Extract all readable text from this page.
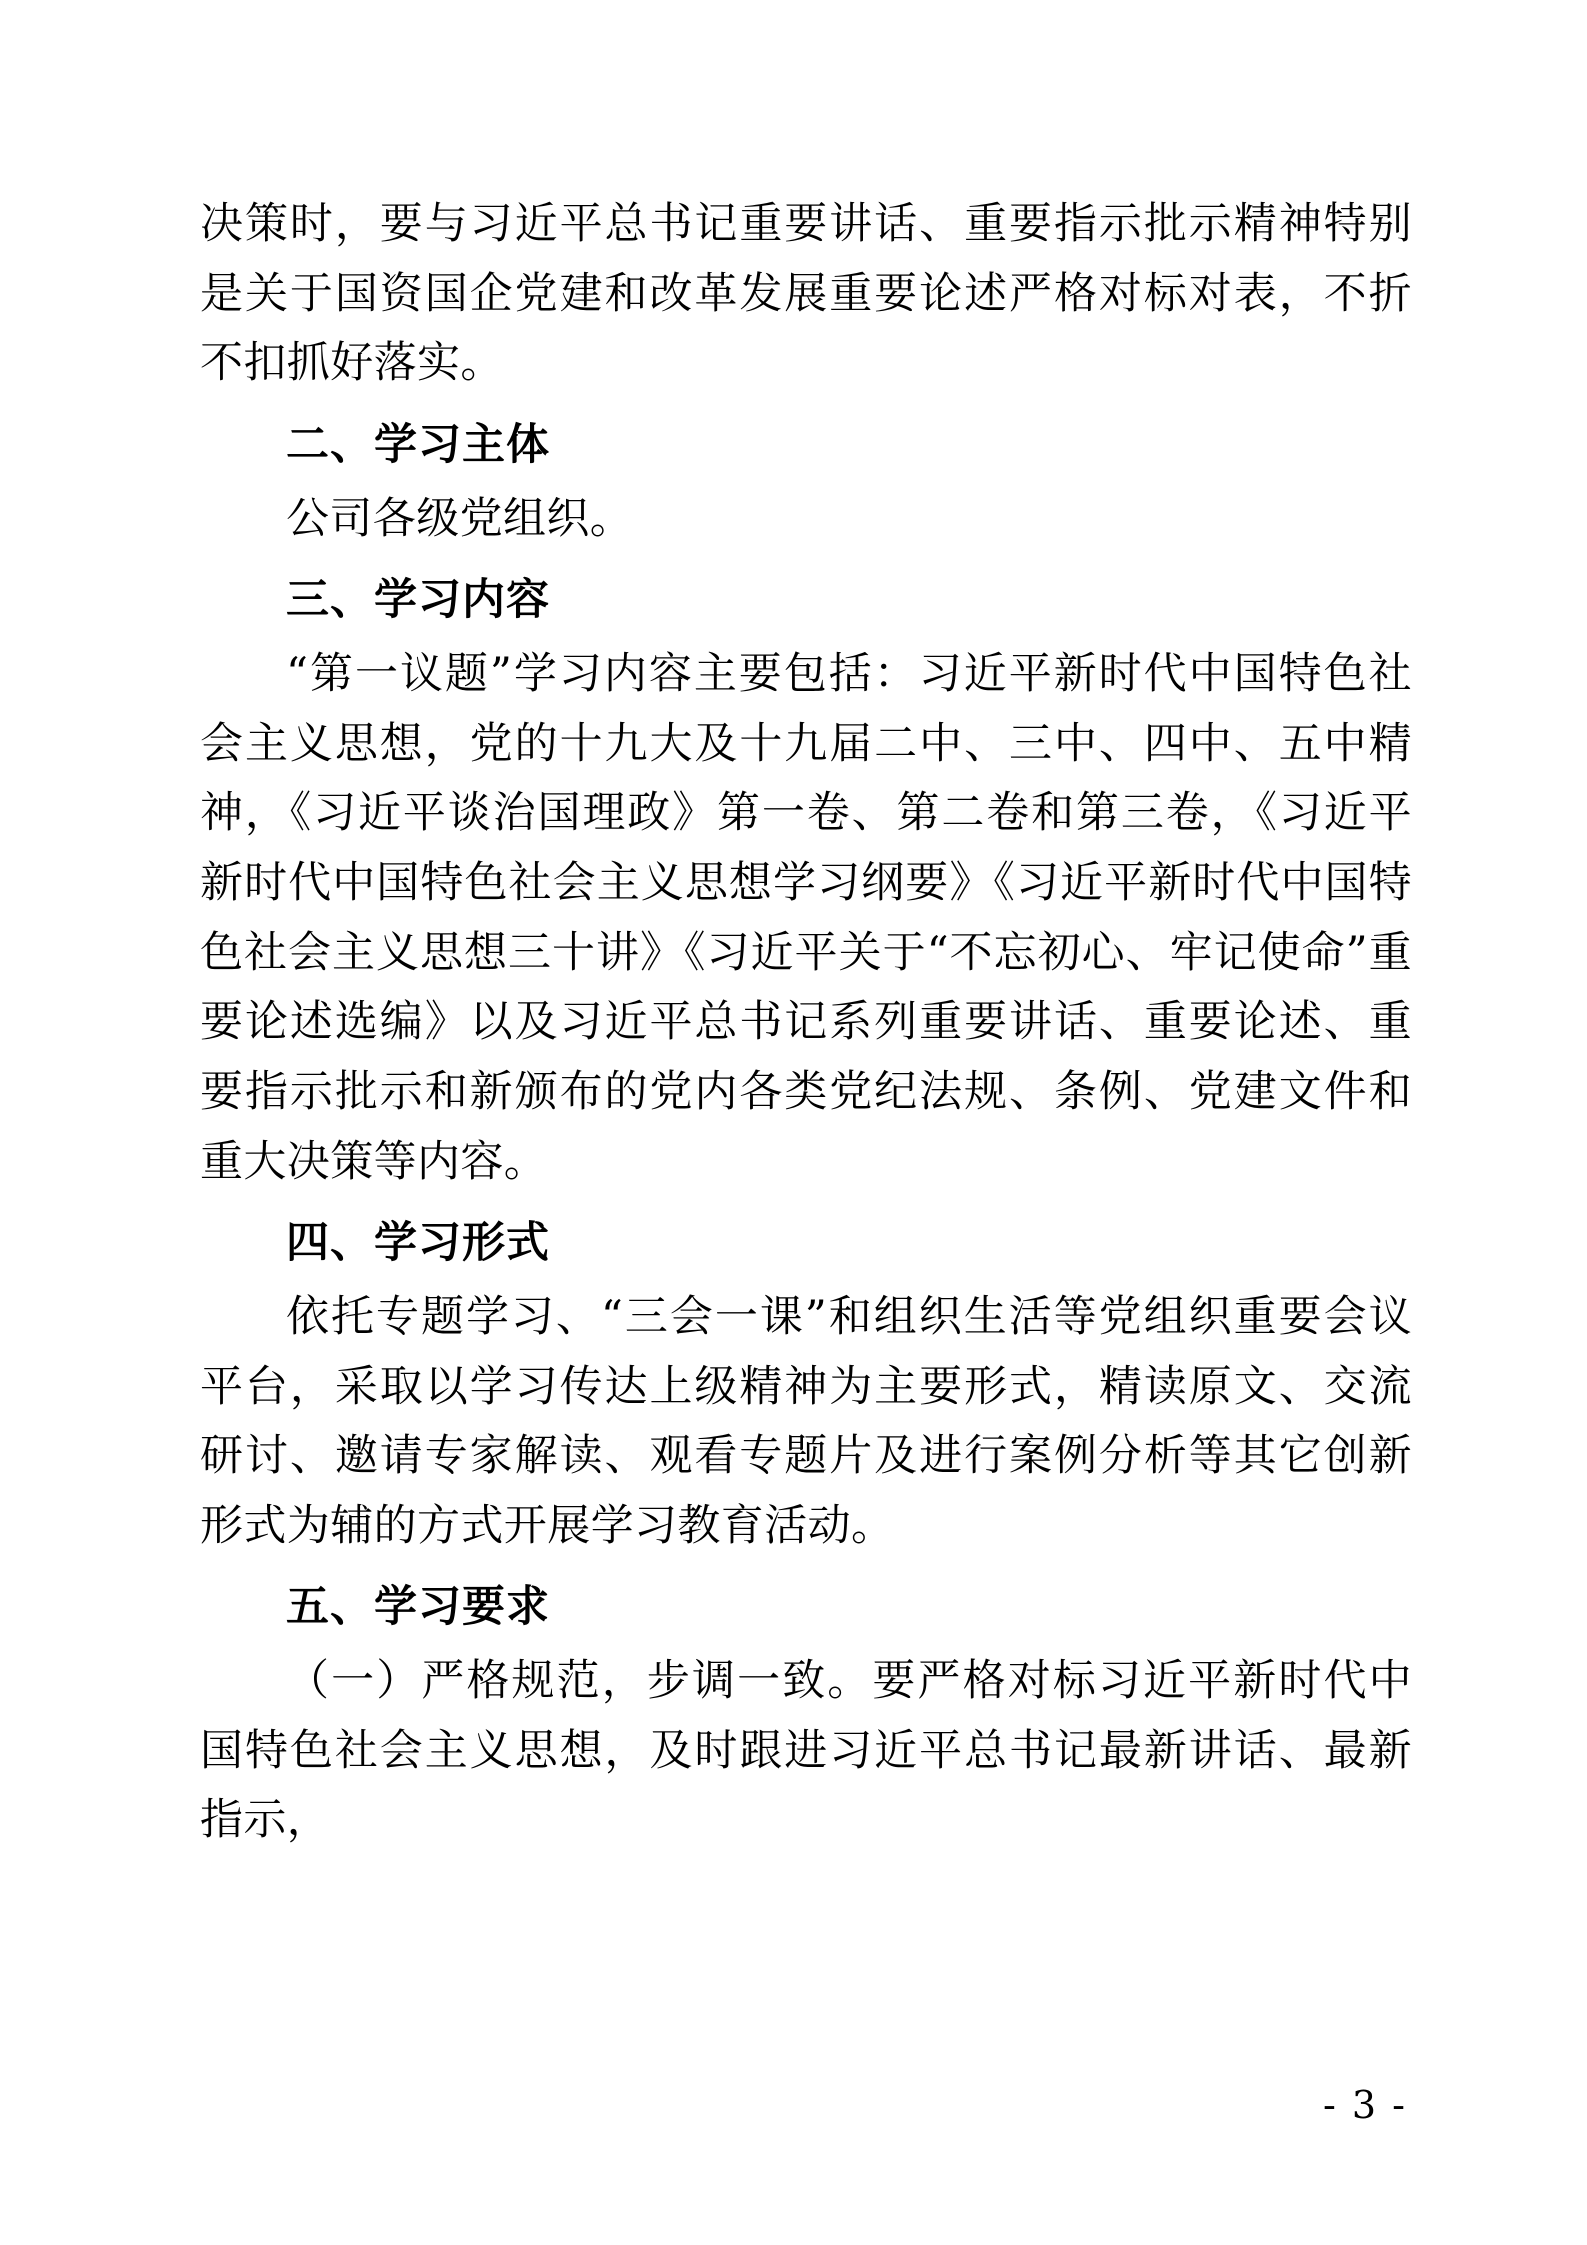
决策时，要与习近平总书记重要讲话、重要指示批示精神特别是关于国资国企党建和改革发展重要论述严格对标对表，不折不扣抓好落实。

二、学习主体

公司各级党组织。

三、学习内容

“第一议题”学习内容主要包括：习近平新时代中国特色社会主义思想，党的十九大及十九届二中、三中、四中、五中精神，《习近平谈治国理政》第一卷、第二卷和第三卷，《习近平新时代中国特色社会主义思想学习纲要》《习近平新时代中国特色社会主义思想三十讲》《习近平关于“不忘初心、牢记使命”重要论述选编》以及习近平总书记系列重要讲话、重要论述、重要指示批示和新颁布的党内各类党纪法规、条例、党建文件和重大决策等内容。

四、学习形式

依托专题学习、“三会一课”和组织生活等党组织重要会议平台，采取以学习传达上级精神为主要形式，精读原文、交流研讨、邀请专家解读、观看专题片及进行案例分析等其它创新形式为辅的方式开展学习教育活动。

五、学习要求

（一）严格规范，步调一致。要严格对标习近平新时代中国特色社会主义思想，及时跟进习近平总书记最新讲话、最新指示，

- 3 -
